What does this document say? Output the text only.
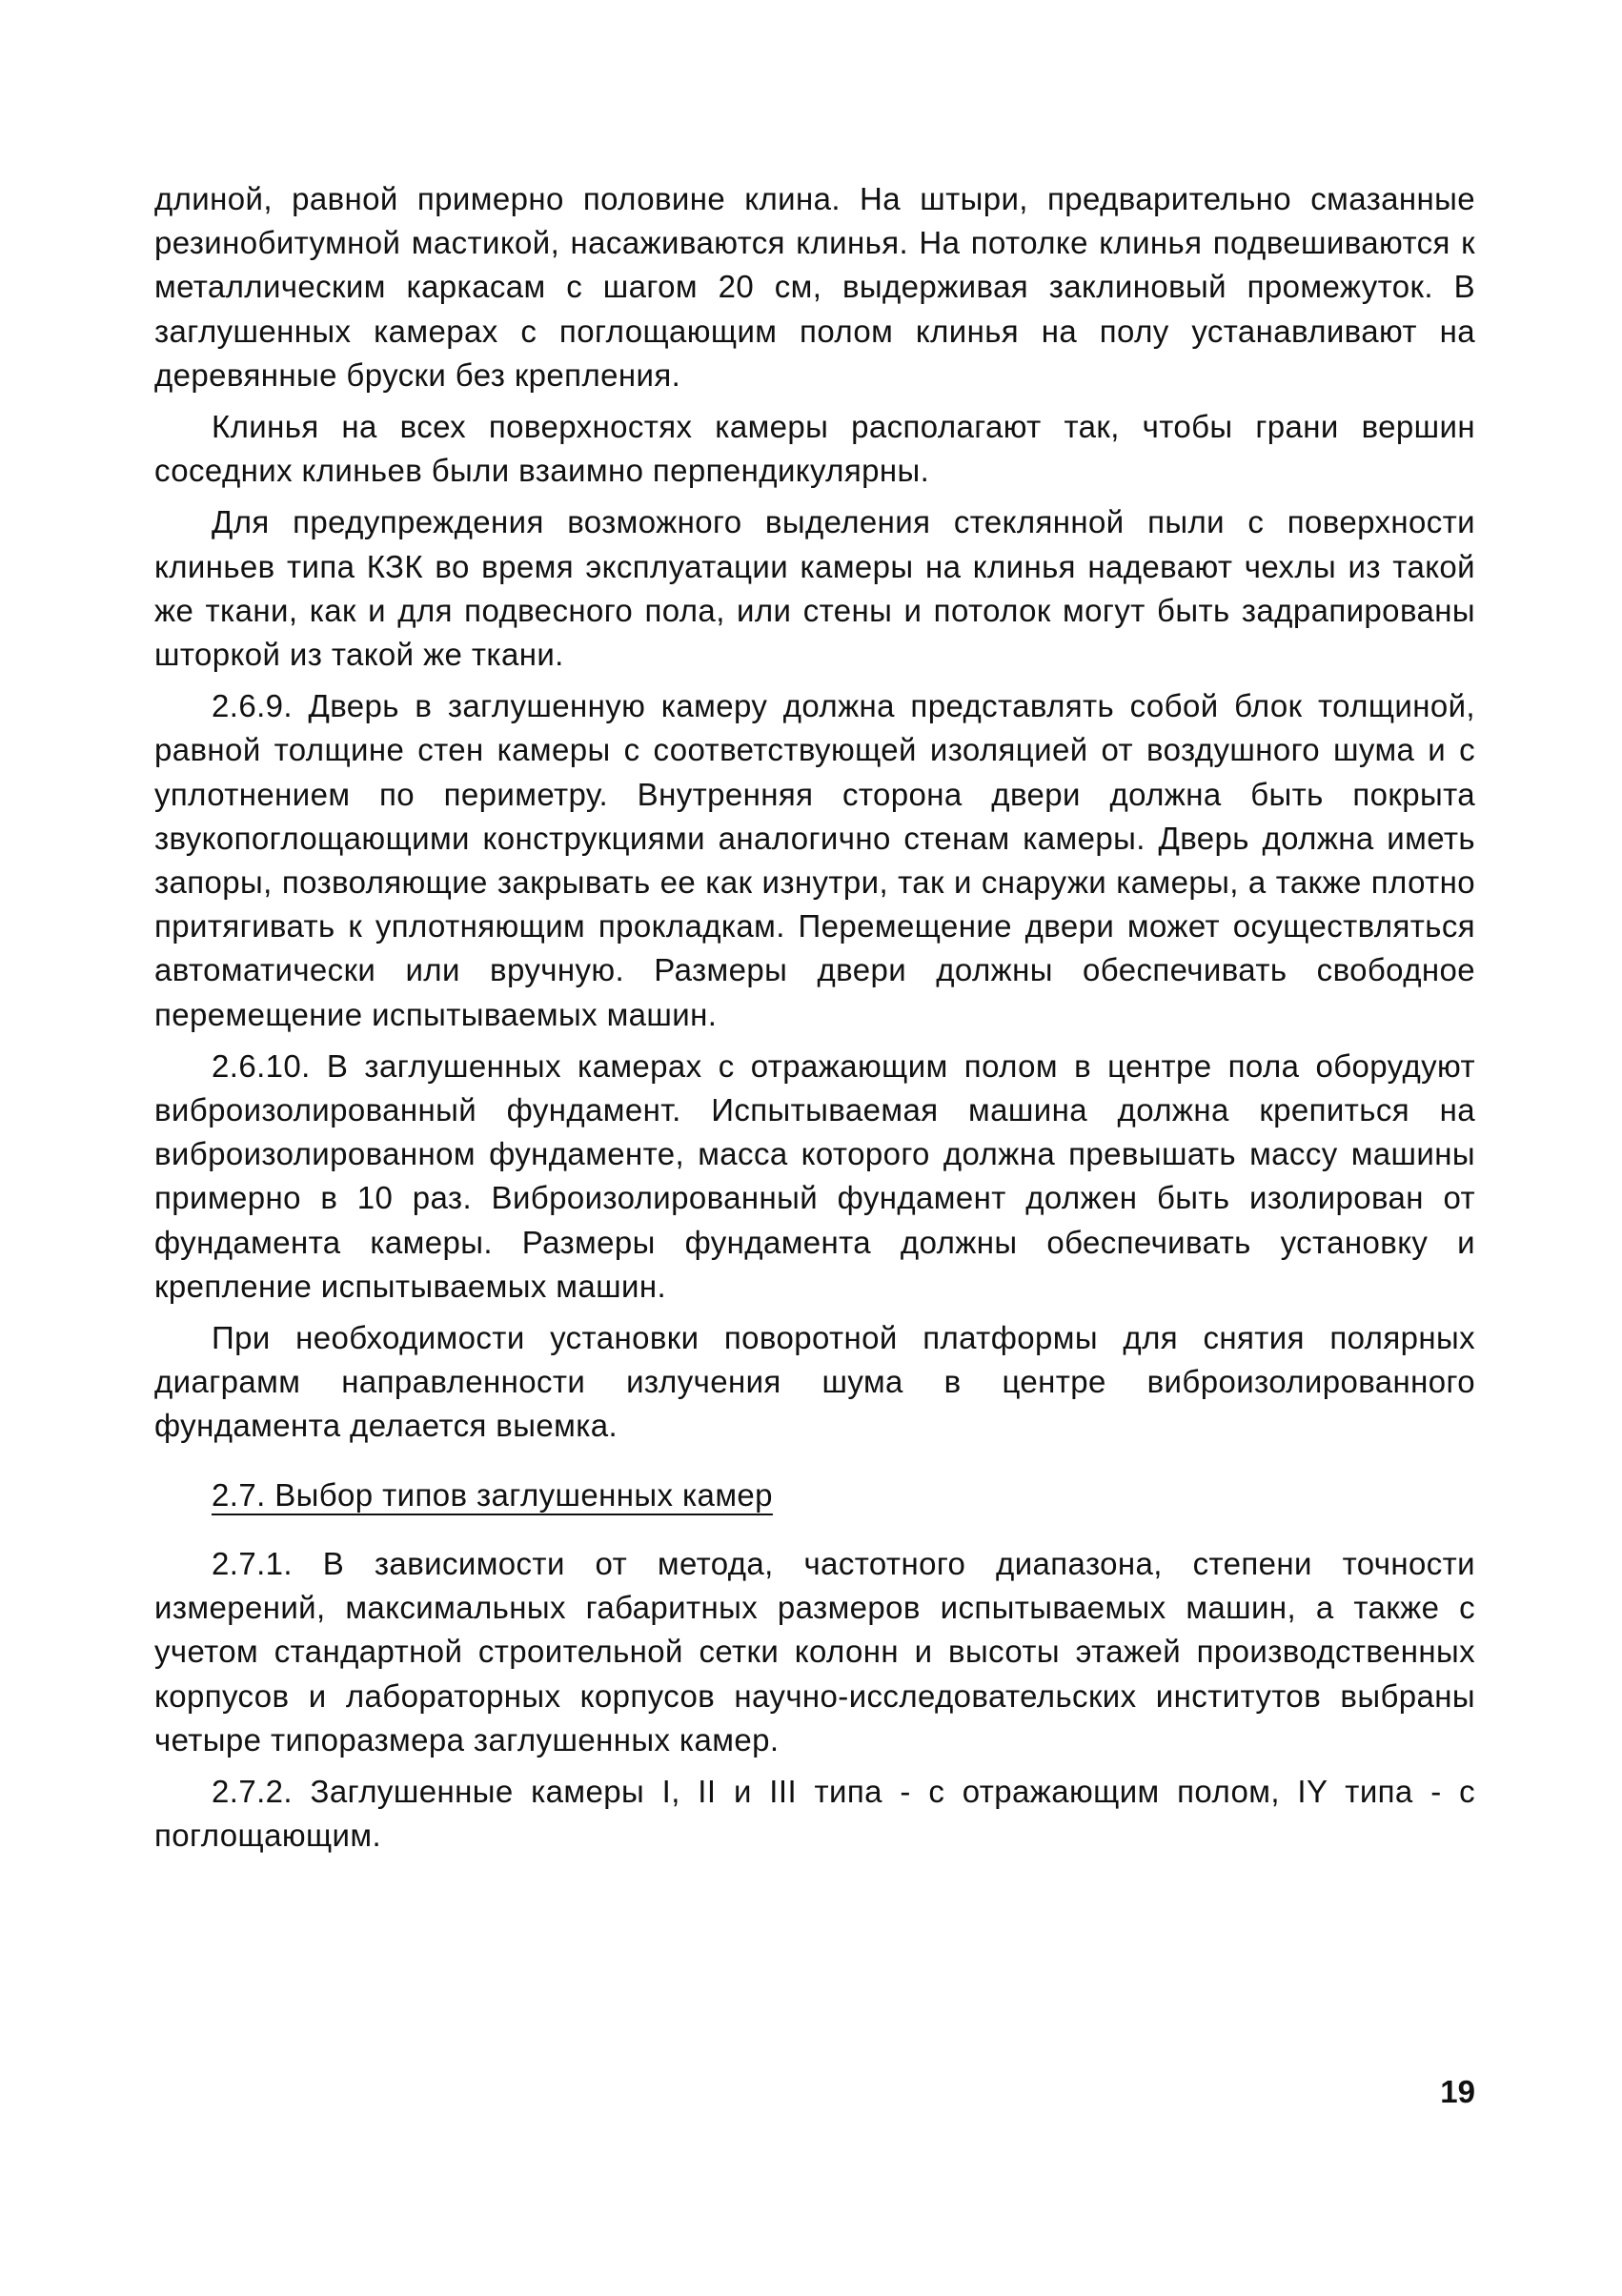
длиной, равной примерно половине клина. На штыри, предварительно смазанные резинобитумной мастикой, насаживаются клинья. На потолке клинья подвешиваются к металлическим каркасам с шагом 20 см, выдерживая заклиновый промежуток. В заглушенных камерах с поглощающим полом клинья на полу устанавливают на деревянные бруски без крепления.

Клинья на всех поверхностях камеры располагают так, чтобы грани вершин соседних клиньев были взаимно перпендикулярны.

Для предупреждения возможного выделения стеклянной пыли с поверхности клиньев типа КЗК во время эксплуатации камеры на клинья надевают чехлы из такой же ткани, как и для подвесного пола, или стены и потолок могут быть задрапированы шторкой из такой же ткани.

2.6.9. Дверь в заглушенную камеру должна представлять собой блок толщиной, равной толщине стен камеры с соответствующей изоляцией от воздушного шума и с уплотнением по периметру. Внутренняя сторона двери должна быть покрыта звукопоглощающими конструкциями аналогично стенам камеры. Дверь должна иметь запоры, позволяющие закрывать ее как изнутри, так и снаружи камеры, а также плотно притягивать к уплотняющим прокладкам. Перемещение двери может осуществляться автоматически или вручную. Размеры двери должны обеспечивать свободное перемещение испытываемых машин.

2.6.10. В заглушенных камерах с отражающим полом в центре пола оборудуют виброизолированный фундамент. Испытываемая машина должна крепиться на виброизолированном фундаменте, масса которого должна превышать массу машины примерно в 10 раз. Виброизолированный фундамент должен быть изолирован от фундамента камеры. Размеры фундамента должны обеспечивать установку и крепление испытываемых машин.

При необходимости установки поворотной платформы для снятия полярных диаграмм направленности излучения шума в центре виброизолированного фундамента делается выемка.

2.7. Выбор типов заглушенных камер

2.7.1. В зависимости от метода, частотного диапазона, степени точности измерений, максимальных габаритных размеров испытываемых машин, а также с учетом стандартной строительной сетки колонн и высоты этажей производственных корпусов и лабораторных корпусов научно-исследовательских институтов выбраны четыре типоразмера заглушенных камер.

2.7.2. Заглушенные камеры I, II и III типа - с отражающим полом, IY типа - с поглощающим.

19
